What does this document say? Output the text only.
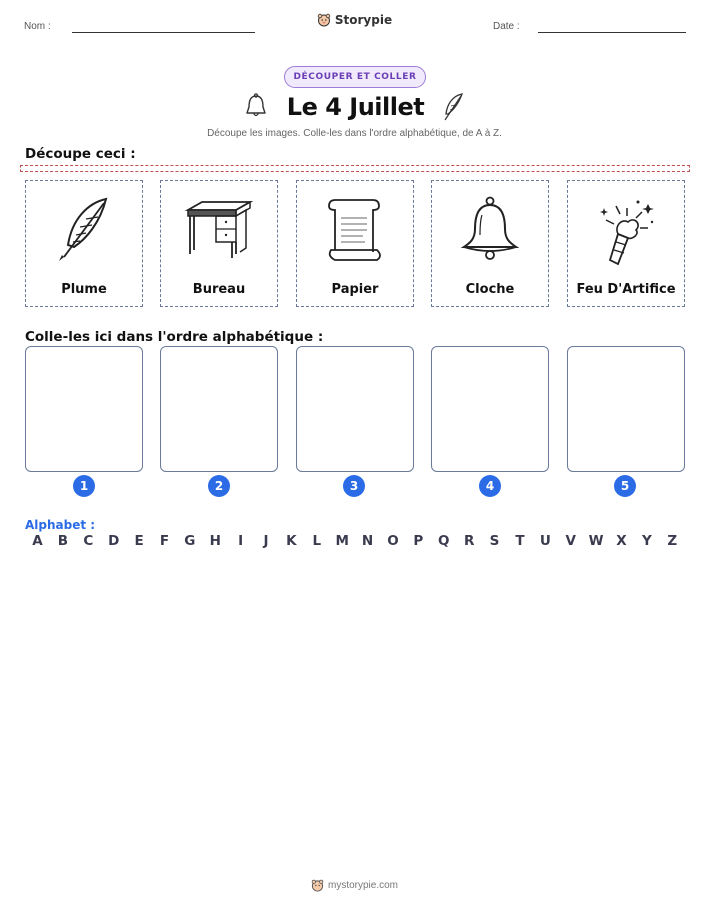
Nom :	Storypie	Date :
DÉCOUPER ET COLLER
Le 4 Juillet
Découpe les images. Colle-les dans l'ordre alphabétique, de A à Z.
Découpe ceci :
Plume	Bureau	Papier	Cloche	Feu D'Artifice
Colle-les ici dans l'ordre alphabétique :
1	2	3	4	5
Alphabet :
A	B	C	D	E	F	G	H	I	J	K	L	M N	O	P	Q	R	S	T	U	V W X	Y	Z
mystorypie.com
